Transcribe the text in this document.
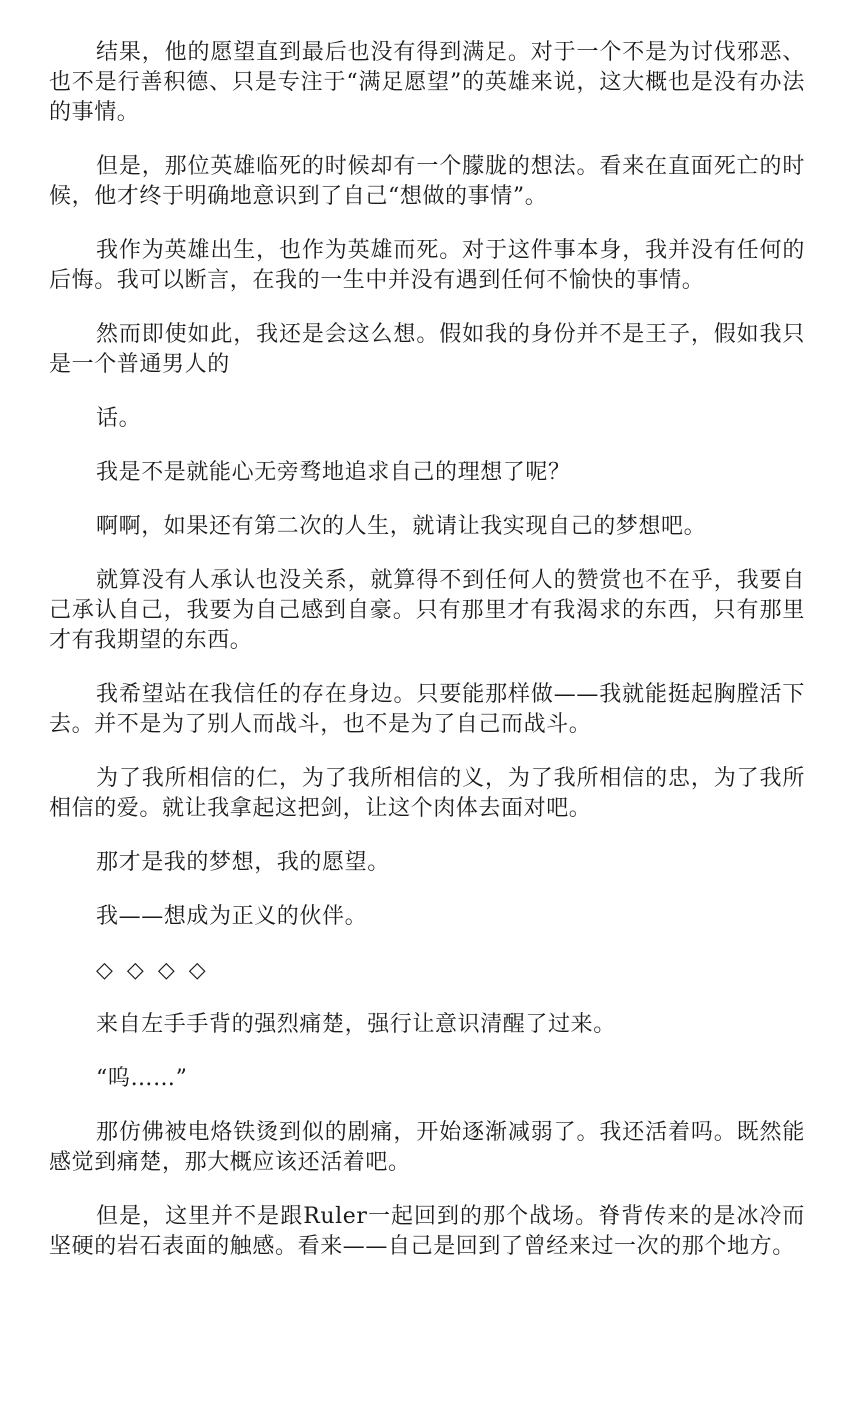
结果，他的愿望直到最后也没有得到满足。对于一个不是为讨伐邪恶、也不是行善积德、只是专注于“满足愿望”的英雄来说，这大概也是没有办法的事情。

但是，那位英雄临死的时候却有一个朦胧的想法。看来在直面死亡的时候，他才终于明确地意识到了自己“想做的事情”。

我作为英雄出生，也作为英雄而死。对于这件事本身，我并没有任何的后悔。我可以断言，在我的一生中并没有遇到任何不愉快的事情。

然而即使如此，我还是会这么想。假如我的身份并不是王子，假如我只是一个普通男人的

话。

我是不是就能心无旁骛地追求自己的理想了呢？

啊啊，如果还有第二次的人生，就请让我实现自己的梦想吧。

就算没有人承认也没关系，就算得不到任何人的赞赏也不在乎，我要自己承认自己，我要为自己感到自豪。只有那里才有我渴求的东西，只有那里才有我期望的东西。

我希望站在我信任的存在身边。只要能那样做——我就能挺起胸膛活下去。并不是为了别人而战斗，也不是为了自己而战斗。

为了我所相信的仁，为了我所相信的义，为了我所相信的忠，为了我所相信的爱。就让我拿起这把剑，让这个肉体去面对吧。

那才是我的梦想，我的愿望。

我——想成为正义的伙伴。

◇◇◇◇

来自左手手背的强烈痛楚，强行让意识清醒了过来。

“呜……”

那仿佛被电烙铁烫到似的剧痛，开始逐渐减弱了。我还活着吗。既然能感觉到痛楚，那大概应该还活着吧。

但是，这里并不是跟Ruler一起回到的那个战场。脊背传来的是冰冷而坚硬的岩石表面的触感。看来——自己是回到了曾经来过一次的那个地方。
